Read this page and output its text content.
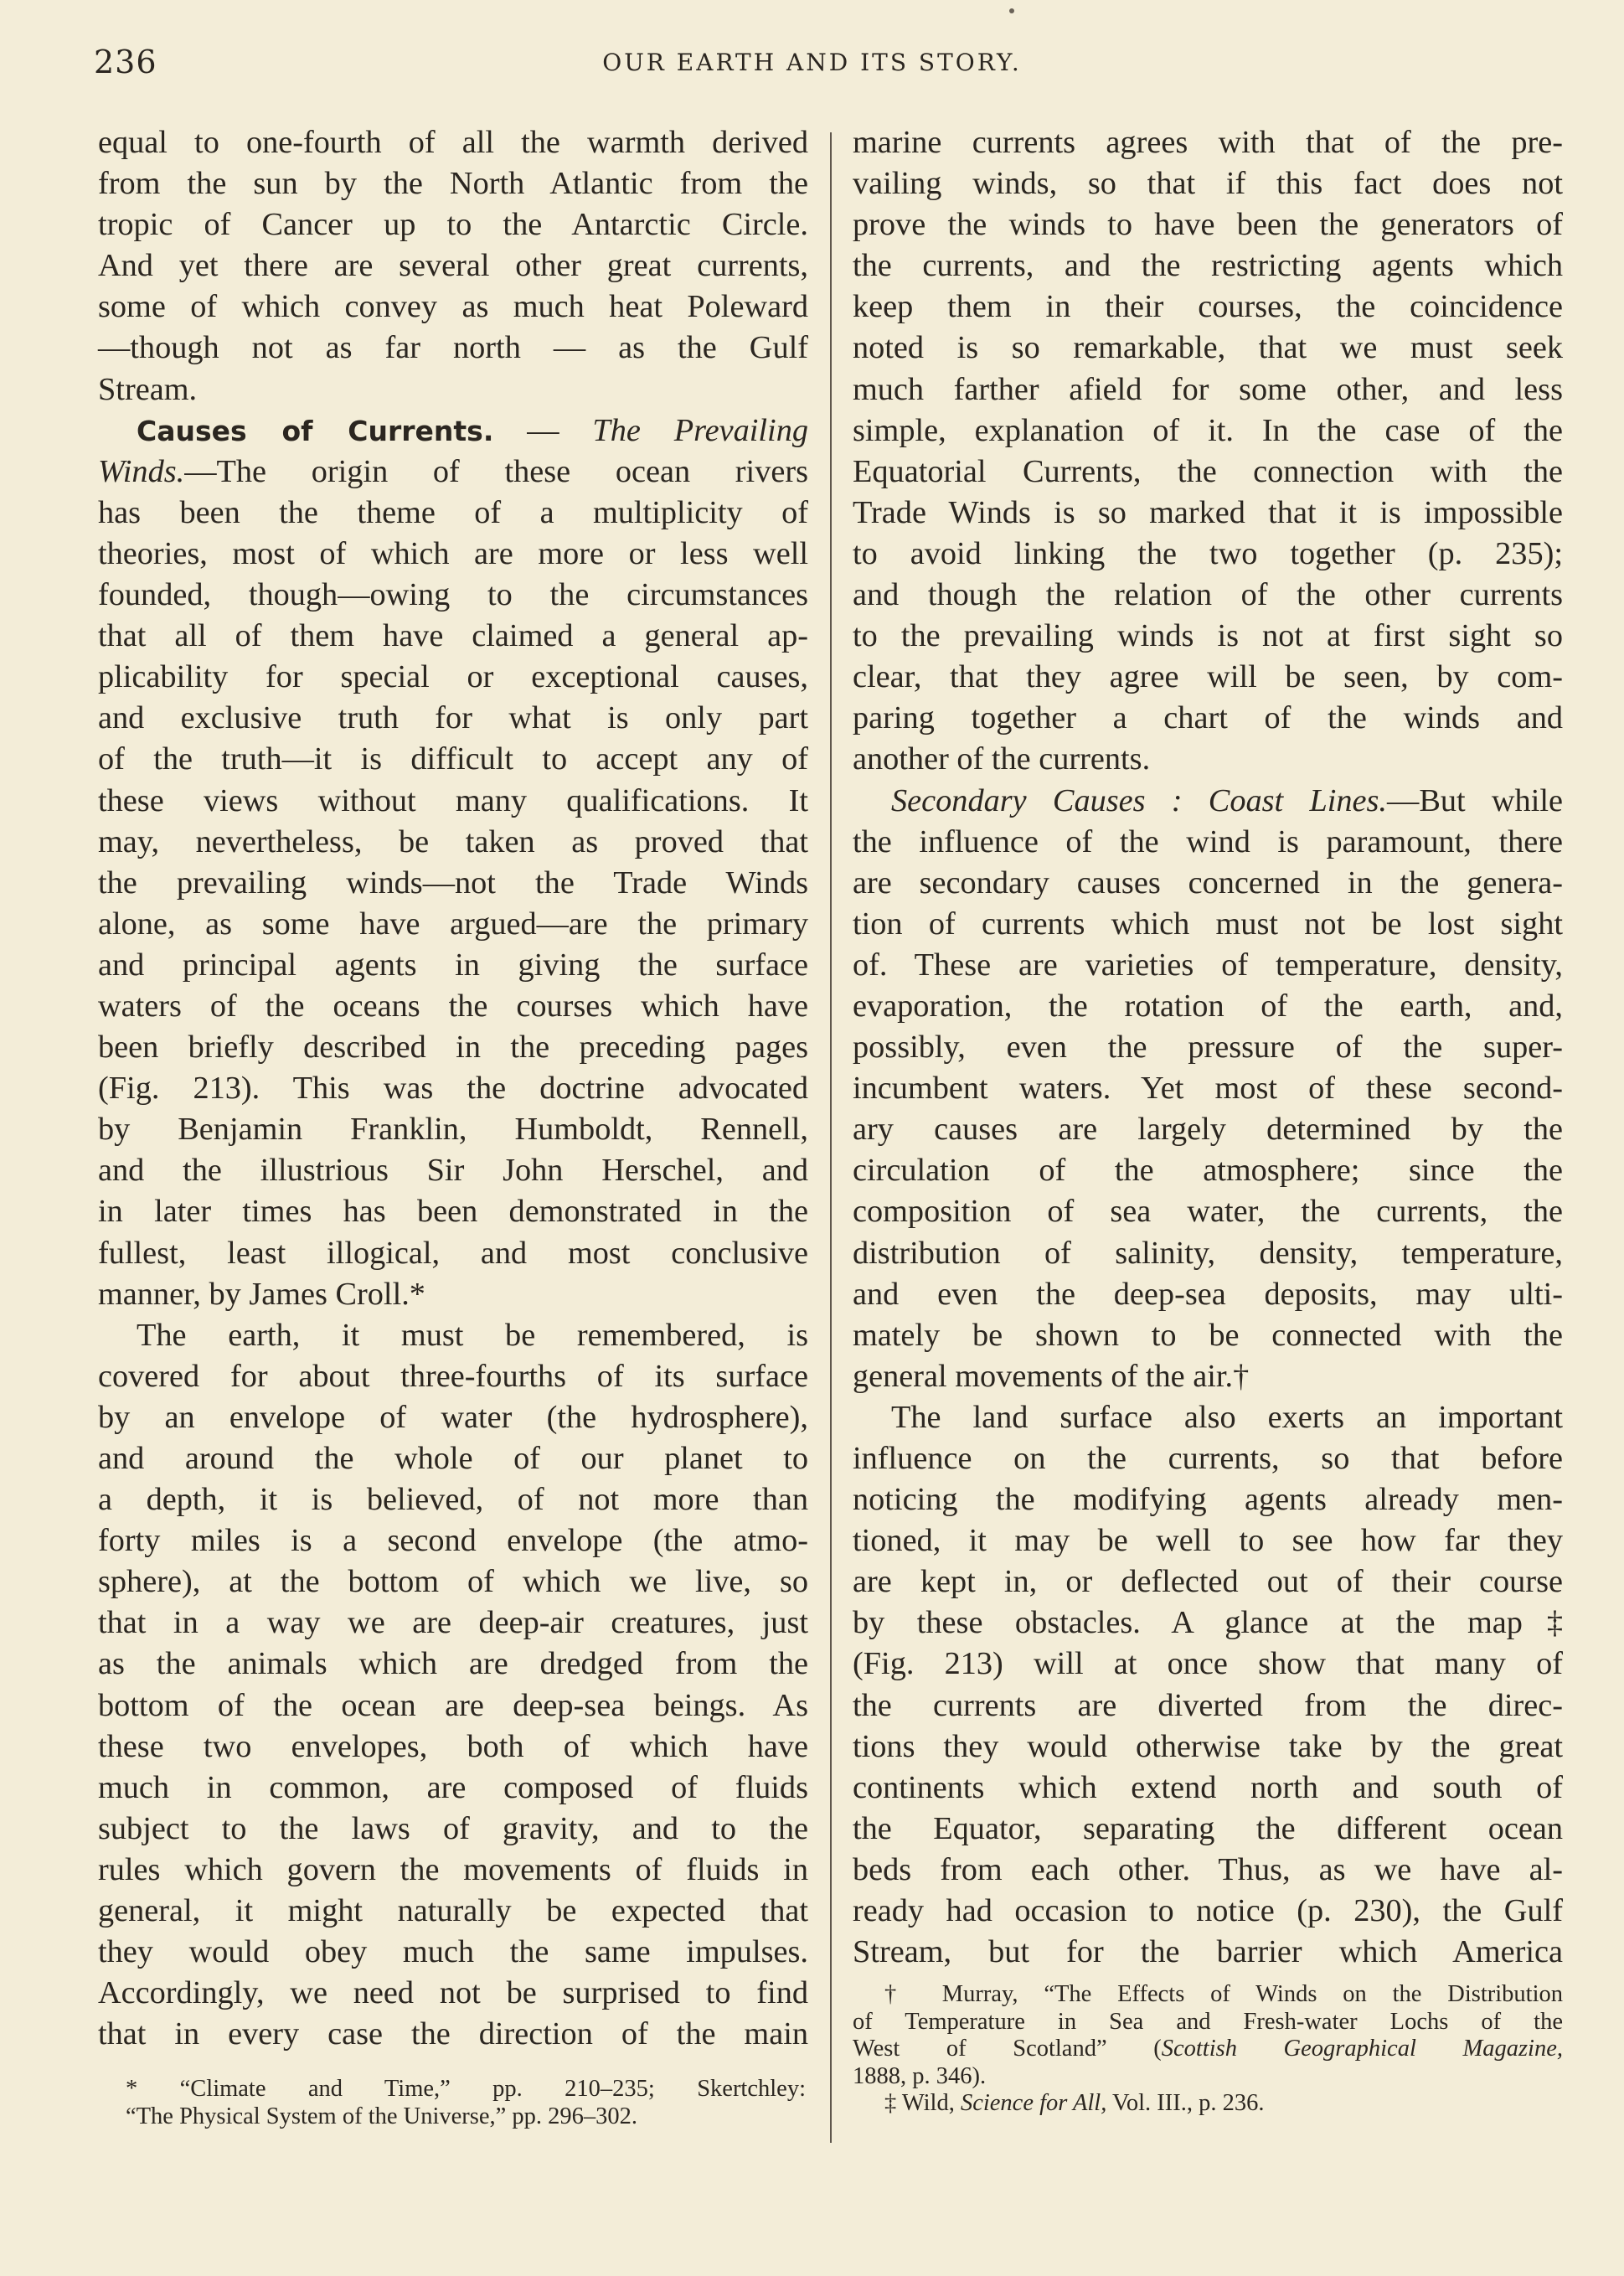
236	OUR EARTH AND ITS STORY.
equal to one-fourth of all the warmth derived
from the sun by the North Atlantic from the
tropic of Cancer up to the Antarctic Circle.
And yet there are several other great currents,
some of which convey as much heat Poleward
—though not as far north — as the Gulf
Stream.
Causes of Currents. — The Prevailing
Winds.—The origin of these ocean rivers
has been the theme of a multiplicity of
theories, most of which are more or less well
founded, though—owing to the circumstances
that all of them have claimed a general ap-
plicability for special or exceptional causes,
and exclusive truth for what is only part
of the truth—it is difficult to accept any of
these views without many qualifications. It
may, nevertheless, be taken as proved that
the prevailing winds—not the Trade Winds
alone, as some have argued—are the primary
and principal agents in giving the surface
waters of the oceans the courses which have
been briefly described in the preceding pages
(Fig. 213). This was the doctrine advocated
by Benjamin Franklin, Humboldt, Rennell,
and the illustrious Sir John Herschel, and
in later times has been demonstrated in the
fullest, least illogical, and most conclusive
manner, by James Croll.*
The earth, it must be remembered, is
covered for about three-fourths of its surface
by an envelope of water (the hydrosphere),
and around the whole of our planet to
a depth, it is believed, of not more than
forty miles is a second envelope (the atmo-
sphere), at the bottom of which we live, so
that in a way we are deep-air creatures, just
as the animals which are dredged from the
bottom of the ocean are deep-sea beings. As
these two envelopes, both of which have
much in common, are composed of fluids
subject to the laws of gravity, and to the
rules which govern the movements of fluids in
general, it might naturally be expected that
they would obey much the same impulses.
Accordingly, we need not be surprised to find
that in every case the direction of the main
marine currents agrees with that of the pre-
vailing winds, so that if this fact does not
prove the winds to have been the generators of
the currents, and the restricting agents which
keep them in their courses, the coincidence
noted is so remarkable, that we must seek
much farther afield for some other, and less
simple, explanation of it. In the case of the
Equatorial Currents, the connection with the
Trade Winds is so marked that it is impossible
to avoid linking the two together (p. 235);
and though the relation of the other currents
to the prevailing winds is not at first sight so
clear, that they agree will be seen, by com-
paring together a chart of the winds and
another of the currents.
Secondary Causes : Coast Lines.—But while
the influence of the wind is paramount, there
are secondary causes concerned in the genera-
tion of currents which must not be lost sight
of. These are varieties of temperature, density,
evaporation, the rotation of the earth, and,
possibly, even the pressure of the super-
incumbent waters. Yet most of these second-
ary causes are largely determined by the
circulation of the atmosphere; since the
composition of sea water, the currents, the
distribution of salinity, density, temperature,
and even the deep-sea deposits, may ulti-
mately be shown to be connected with the
general movements of the air.†
The land surface also exerts an important
influence on the currents, so that before
noticing the modifying agents already men-
tioned, it may be well to see how far they
are kept in, or deflected out of their course
by these obstacles. A glance at the map‡
(Fig. 213) will at once show that many of
the currents are diverted from the direc-
tions they would otherwise take by the great
continents which extend north and south of
the Equator, separating the different ocean
beds from each other. Thus, as we have al-
ready had occasion to notice (p. 230), the Gulf
Stream, but for the barrier which America
* “Climate and Time,” pp. 210–235; Skertchley:
“The Physical System of the Universe,” pp. 296–302.
† Murray, “The Effects of Winds on the Distribution
of Temperature in Sea and Fresh-water Lochs of the
West of Scotland” (Scottish Geographical Magazine,
1888, p. 346).
‡ Wild, Science for All, Vol. III., p. 236.
